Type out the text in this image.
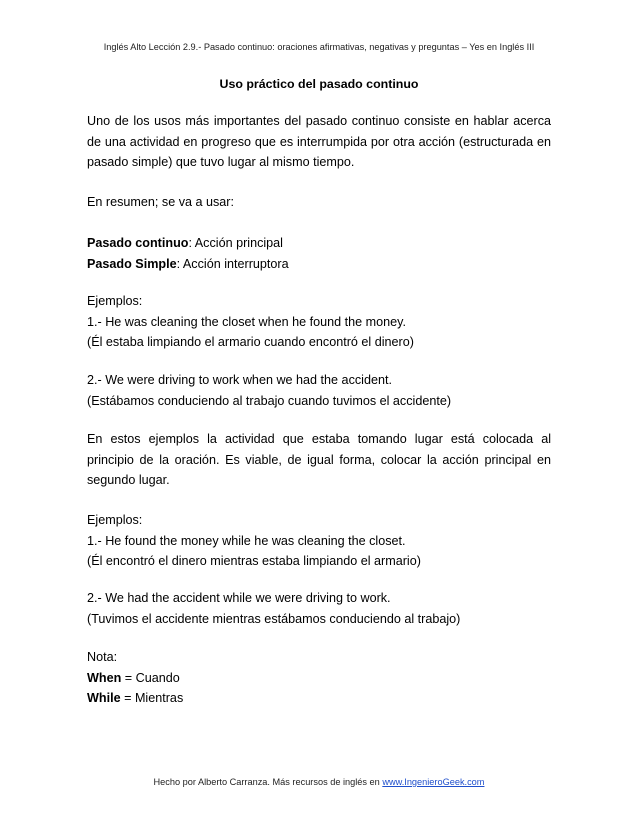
Inglés Alto Lección 2.9.- Pasado continuo: oraciones afirmativas, negativas y preguntas – Yes en Inglés III
Uso práctico del pasado continuo
Uno de los usos más importantes del pasado continuo consiste en hablar acerca de una actividad en progreso que es interrumpida por otra acción (estructurada en pasado simple) que tuvo lugar al mismo tiempo.
En resumen; se va a usar:
Pasado continuo: Acción principal
Pasado Simple: Acción interruptora
Ejemplos:
1.- He was cleaning the closet when he found the money.
(Él estaba limpiando el armario cuando encontró el dinero)
2.- We were driving to work when we had the accident.
(Estábamos conduciendo al trabajo cuando tuvimos el accidente)
En estos ejemplos la actividad que estaba tomando lugar está colocada al principio de la oración. Es viable, de igual forma, colocar la acción principal en segundo lugar.
Ejemplos:
1.- He found the money while he was cleaning the closet.
(Él encontró el dinero mientras estaba limpiando el armario)
2.- We had the accident while we were driving to work.
(Tuvimos el accidente mientras estábamos conduciendo al trabajo)
Nota:
When = Cuando
While = Mientras
Hecho por Alberto Carranza. Más recursos de inglés en www.IngenieroGeek.com
